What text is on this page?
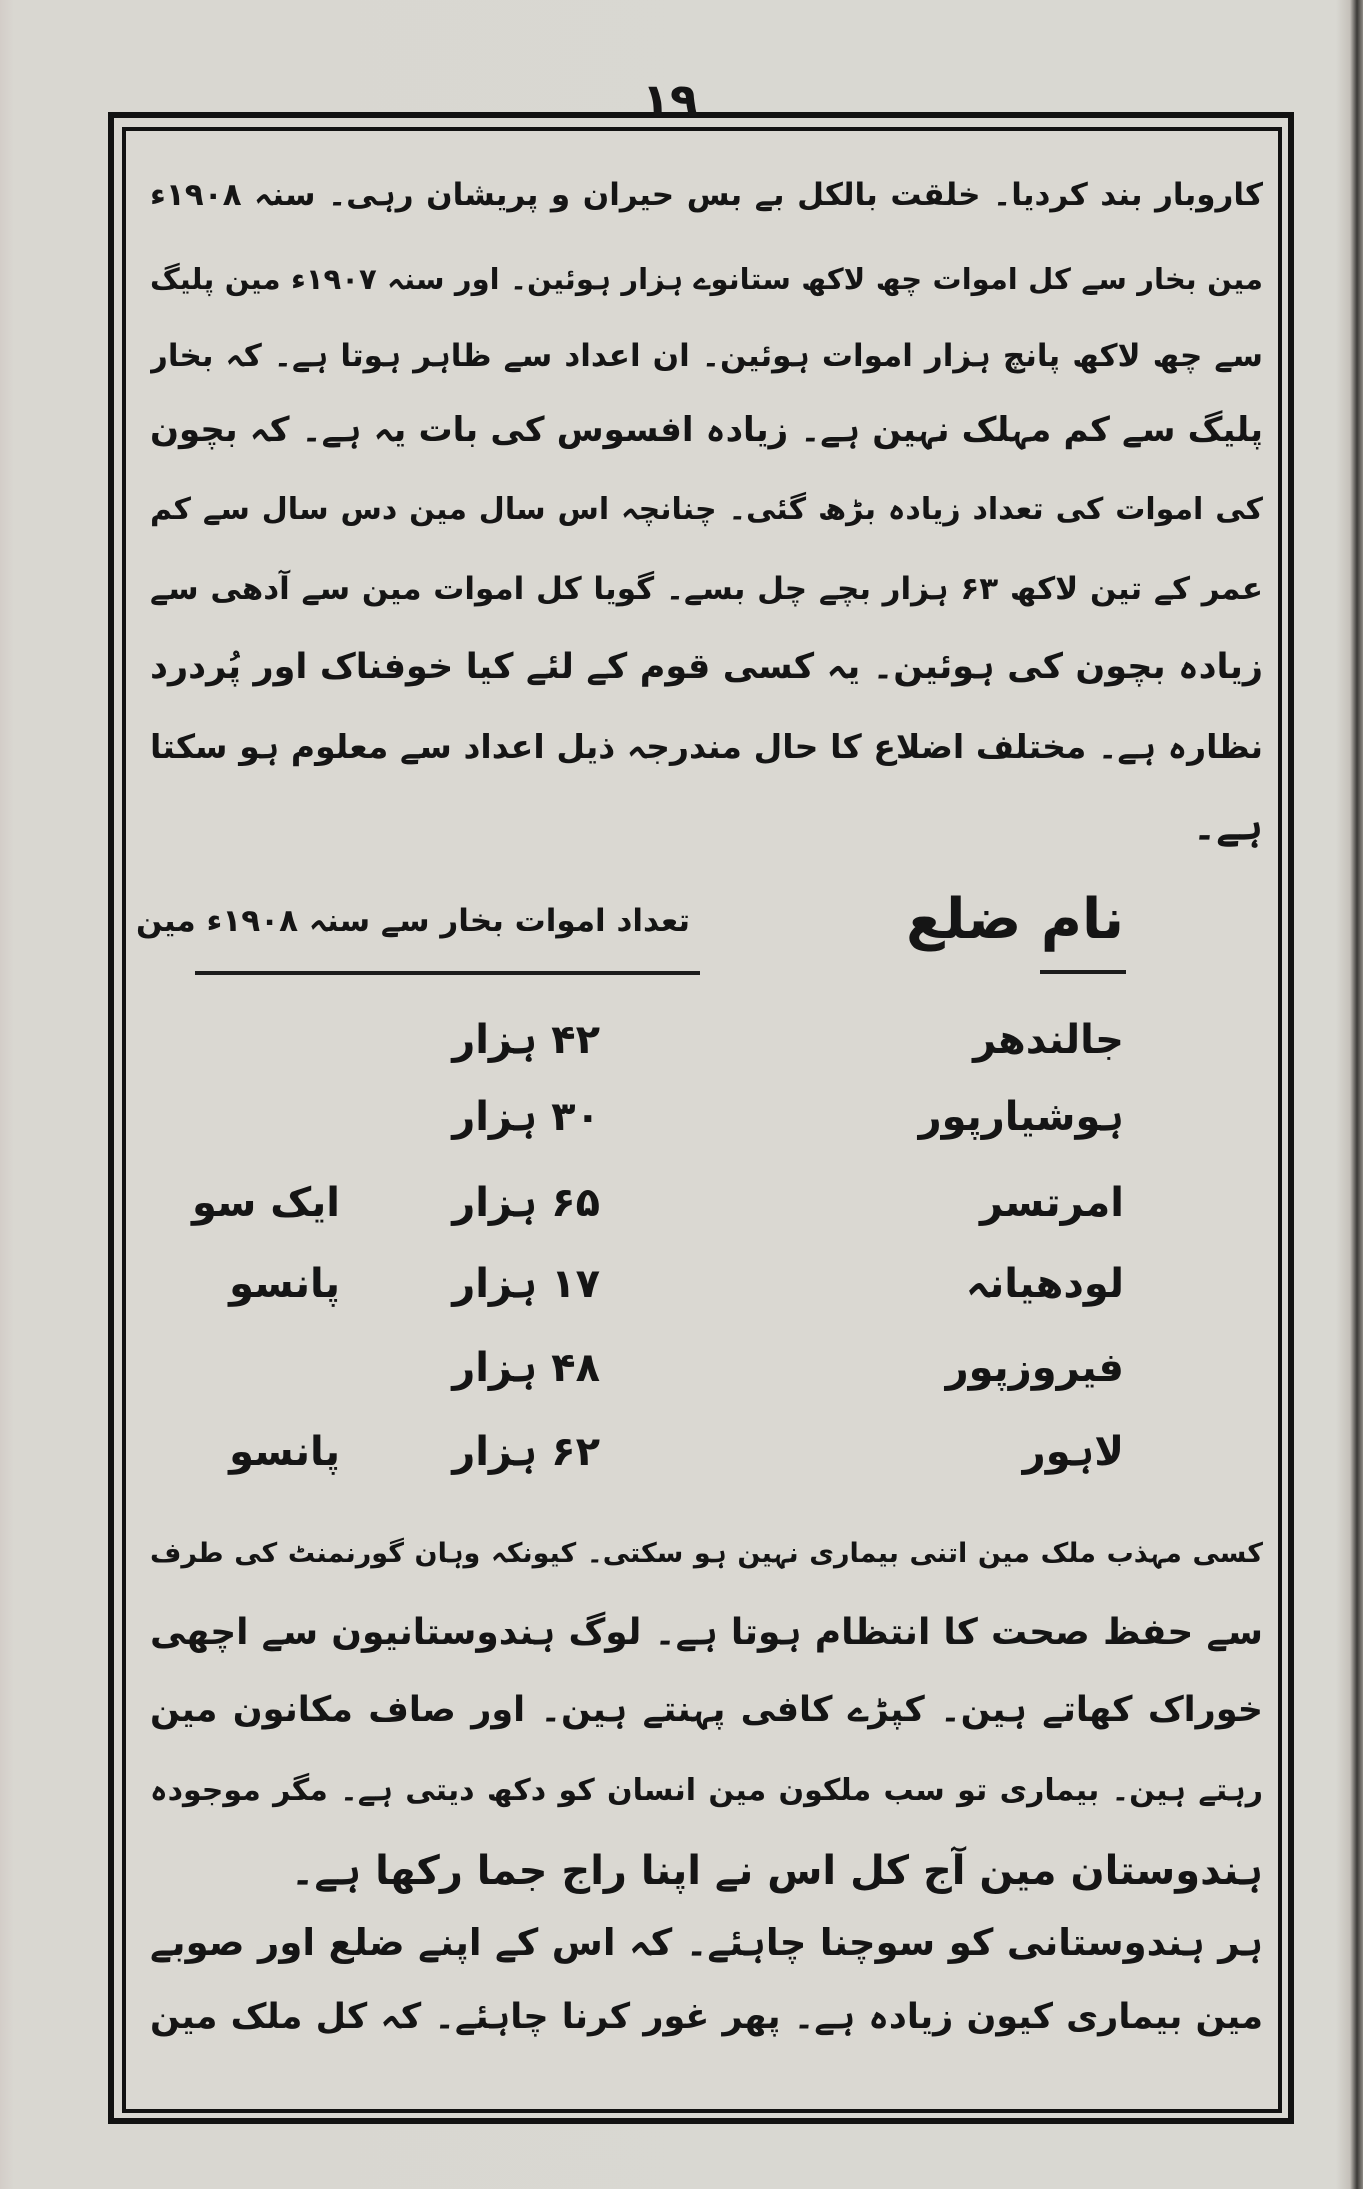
۱۹
کاروبار بند کردیا۔ خلقت بالکل بے بس حیران و پریشان رہی۔ سنہ ۱۹۰۸ء
مین بخار سے کل اموات چھ لاکھ ستانوے ہزار ہوئین۔ اور سنہ ۱۹۰۷ء مین پلیگ
سے چھ لاکھ پانچ ہزار اموات ہوئین۔ ان اعداد سے ظاہر ہوتا ہے۔ کہ بخار
پلیگ سے کم مہلک نہین ہے۔ زیادہ افسوس کی بات یہ ہے۔ کہ بچون
کی اموات کی تعداد زیادہ بڑھ گئی۔ چنانچہ اس سال مین دس سال سے کم
عمر کے تین لاکھ ۶۳ ہزار بچے چل بسے۔ گویا کل اموات مین سے آدھی سے
زیادہ بچون کی ہوئین۔ یہ کسی قوم کے لئے کیا خوفناک اور پُردرد
نظارہ ہے۔ مختلف اضلاع کا حال مندرجہ ذیل اعداد سے معلوم ہو سکتا
ہے۔
نام ضلع
تعداد اموات بخار سے سنہ ۱۹۰۸ء مین
جالندھر
۴۲ ہزار
ہوشیارپور
۳۰ ہزار
امرتسر
۶۵ ہزار
ایک سو
لودھیانہ
۱۷ ہزار
پانسو
فیروزپور
۴۸ ہزار
لاہور
۶۲ ہزار
پانسو
کسی مہذب ملک مین اتنی بیماری نہین ہو سکتی۔ کیونکہ وہان گورنمنٹ کی طرف
سے حفظ صحت کا انتظام ہوتا ہے۔ لوگ ہندوستانیون سے اچھی
خوراک کھاتے ہین۔ کپڑے کافی پہنتے ہین۔ اور صاف مکانون مین
رہتے ہین۔ بیماری تو سب ملکون مین انسان کو دکھ دیتی ہے۔ مگر موجودہ
ہندوستان مین آج کل اس نے اپنا راج جما رکھا ہے۔
ہر ہندوستانی کو سوچنا چاہئے۔ کہ اس کے اپنے ضلع اور صوبے
مین بیماری کیون زیادہ ہے۔ پھر غور کرنا چاہئے۔ کہ کل ملک مین
